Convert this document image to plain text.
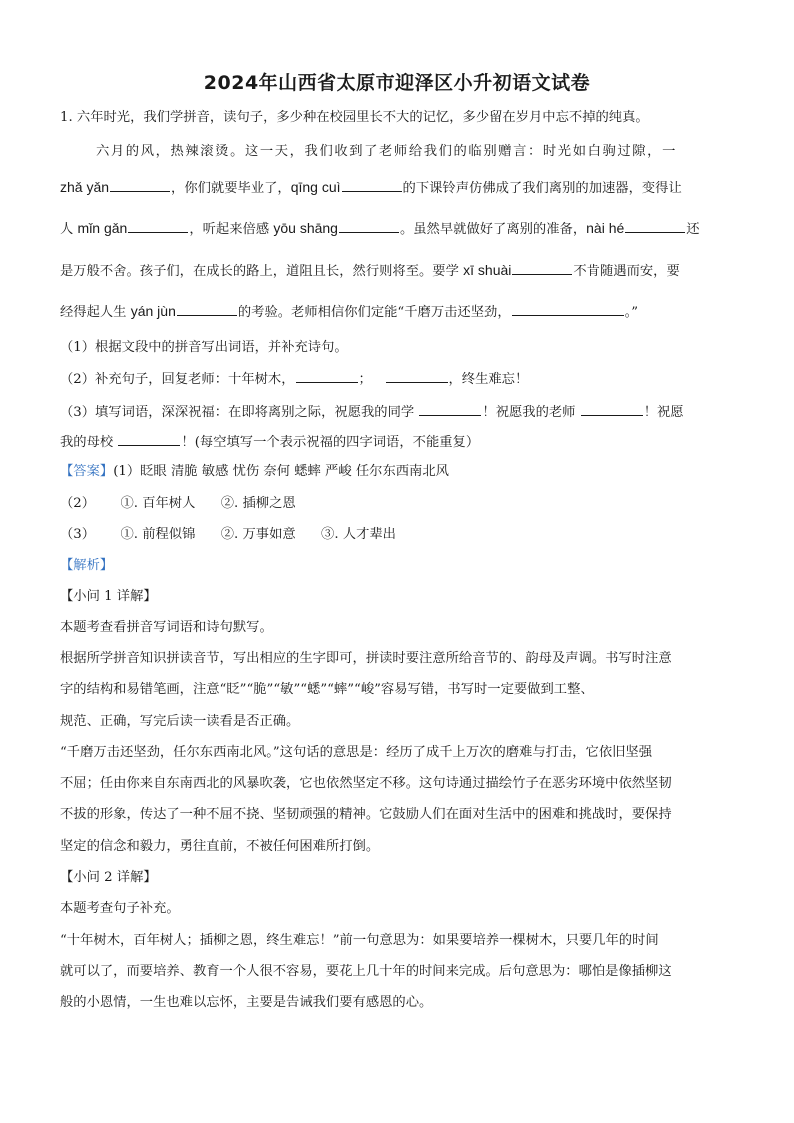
2024年山西省太原市迎泽区小升初语文试卷
1. 六年时光，我们学拼音，读句子，多少种在校园里长不大的记忆，多少留在岁月中忘不掉的纯真。
六月的风，热辣滚烫。这一天，我们收到了老师给我们的临别赠言：时光如白驹过隙，一
zhǎ yǎn	，你们就要毕业了，qīng cuì	的下课铃声仿佛成了我们离别的加速器，变得让
人 mǐn gǎn	，听起来倍感 yōu shāng	。虽然早就做好了离别的准备，nài hé	还
是万般不舍。孩子们，在成长的路上，道阻且长，然行则将至。要学 xī shuài	不肯随遇而安，要
经得起人生 yán jùn	的考验。老师相信你们定能“千磨万击还坚劲，	。”
（1）根据文段中的拼音写出词语，并补充诗句。
（2）补充句子，回复老师：十年树木，	；	，终生难忘！
（3）填写词语，深深祝福：在即将离别之际，祝愿我的同学	！祝愿我的老师	！祝愿
我的母校	！(每空填写一个表示祝福的四字词语，不能重复）
【答案】(1）眨眼 清脆 敏感 忧伤 奈何 蟋蟀 严峻 任尔东西南北风
（2） ①. 百年树人      ②. 插柳之恩
（3） ①. 前程似锦      ②. 万事如意      ③. 人才辈出
【解析】
【小问 1 详解】
本题考查看拼音写词语和诗句默写。
根据所学拼音知识拼读音节，写出相应的生字即可，拼读时要注意所给音节的、韵母及声调。书写时注意
字的结构和易错笔画，注意“眨”“脆”“敏”“蟋”“蟀”“峻”容易写错，书写时一定要做到工整、
规范、正确，写完后读一读看是否正确。
“千磨万击还坚劲，任尔东西南北风。”这句话的意思是：经历了成千上万次的磨难与打击，它依旧坚强
不屈；任由你来自东南西北的风暴吹袭，它也依然坚定不移。这句诗通过描绘竹子在恶劣环境中依然坚韧
不拔的形象，传达了一种不屈不挠、坚韧顽强的精神。它鼓励人们在面对生活中的困难和挑战时，要保持
坚定的信念和毅力，勇往直前，不被任何困难所打倒。
【小问 2 详解】
本题考查句子补充。
“十年树木，百年树人；插柳之恩，终生难忘！”前一句意思为：如果要培养一棵树木，只要几年的时间
就可以了，而要培养、教育一个人很不容易，要花上几十年的时间来完成。后句意思为：哪怕是像插柳这
般的小恩情，一生也难以忘怀，主要是告诫我们要有感恩的心。
